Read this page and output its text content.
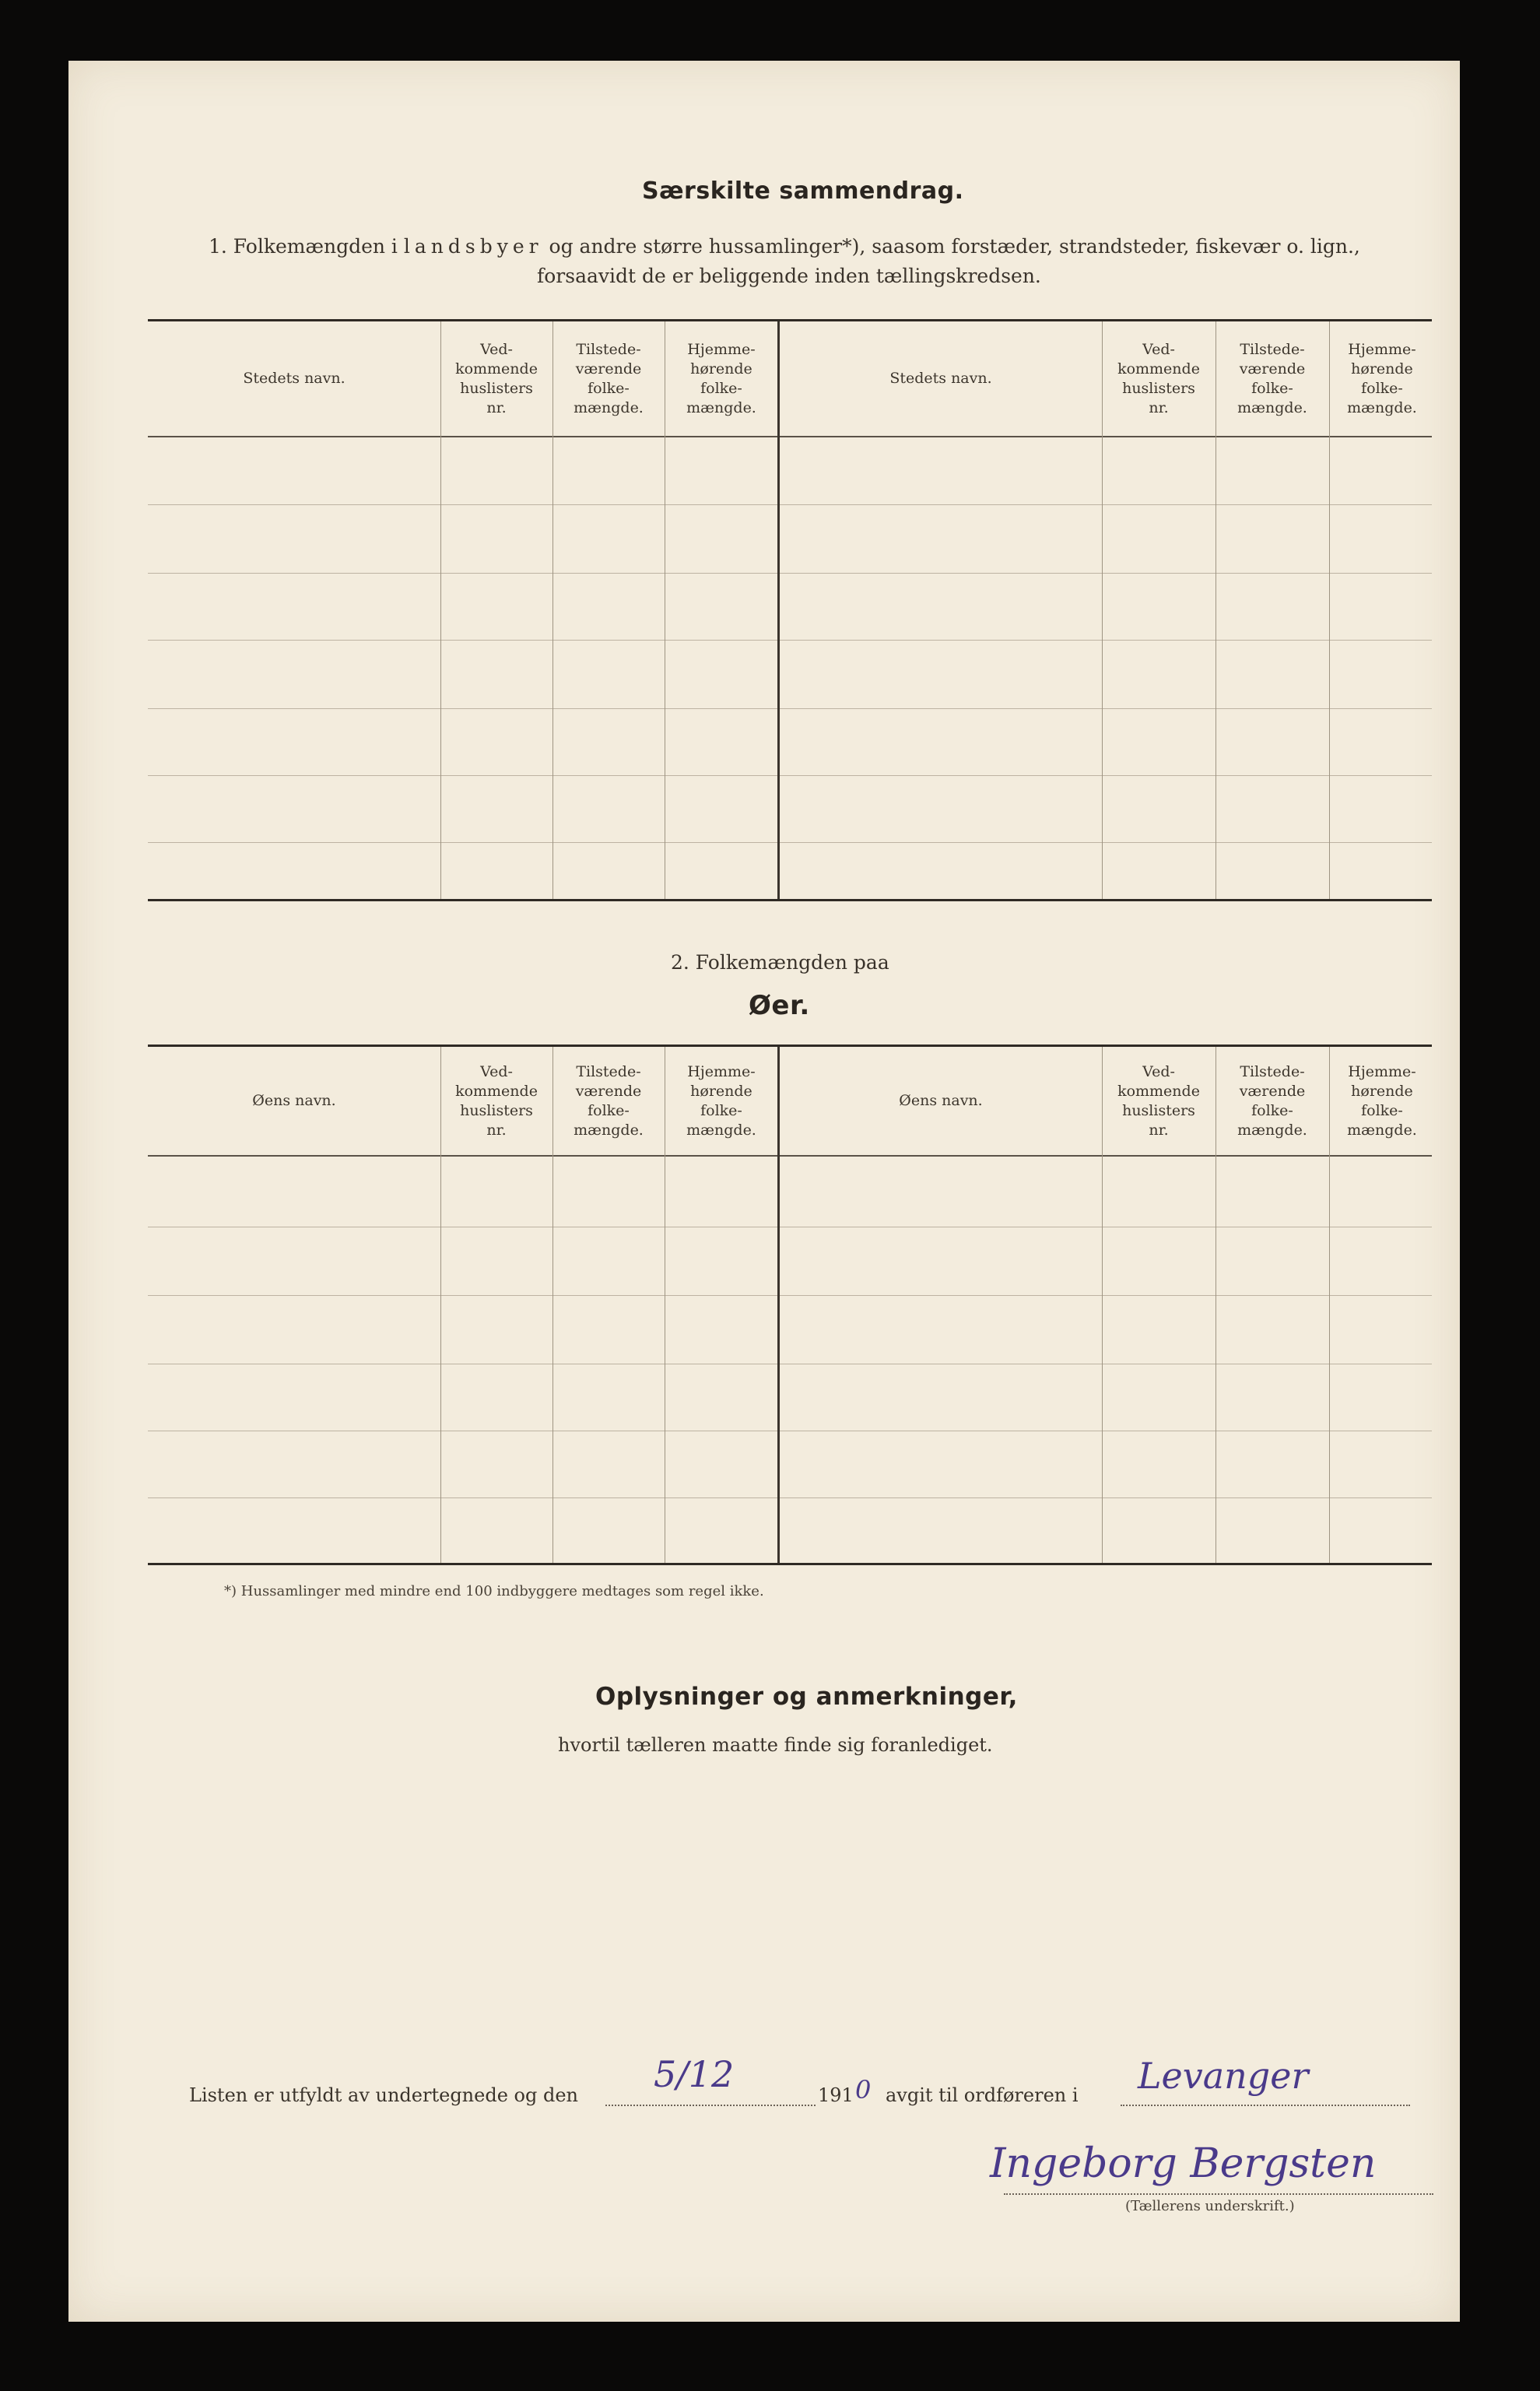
Særskilte sammendrag.
1. Folkemængden i landsbyer og andre større hussamlinger*), saasom forstæder, strandsteder, fiskevær o. lign.,
forsaavidt de er beliggende inden tællingskredsen.
Stedets navn.
Ved-
kommende
huslisters
nr.
Tilstede-
værende
folke-
mængde.
Hjemme-
hørende
folke-
mængde.
Stedets navn.
Ved-
kommende
huslisters
nr.
Tilstede-
værende
folke-
mængde.
Hjemme-
hørende
folke-
mængde.
2. Folkemængden paa
Øer.
Øens navn.
Ved-
kommende
huslisters
nr.
Tilstede-
værende
folke-
mængde.
Hjemme-
hørende
folke-
mængde.
Øens navn.
Ved-
kommende
huslisters
nr.
Tilstede-
værende
folke-
mængde.
Hjemme-
hørende
folke-
mængde.
*) Hussamlinger med mindre end 100 indbyggere medtages som regel ikke.
Oplysninger og anmerkninger,
hvortil tælleren maatte finde sig foranlediget.
Listen er utfyldt av undertegnede og den 5/12	191 0 avgit til ordføreren i Levanger
Ingeborg Bergsten
(Tællerens underskrift.)
